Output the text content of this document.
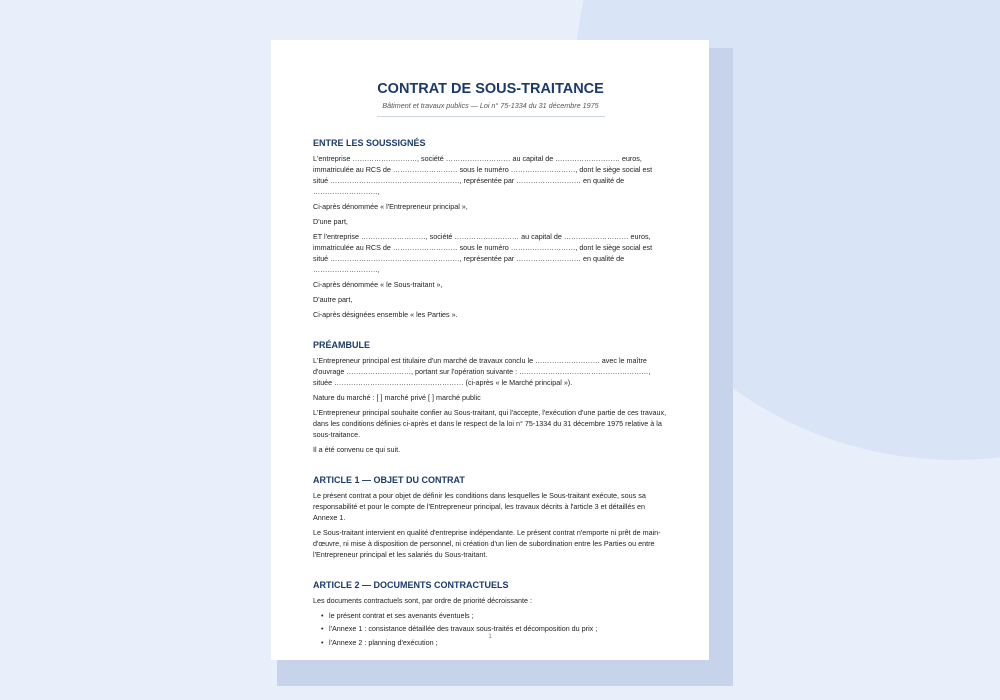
CONTRAT DE SOUS-TRAITANCE
Bâtiment et travaux publics — Loi n° 75-1334 du 31 décembre 1975
ENTRE LES SOUSSIGNÉS

L'entreprise ………………………, société ……………………… au capital de ……………………… euros, immatriculée au RCS de ……………………… sous le numéro ………………………, dont le siège social est situé ………………………………………………, représentée par ……………………… en qualité de ………………………,

Ci-après dénommée « l'Entrepreneur principal »,

D'une part,

ET l'entreprise ………………………, société ……………………… au capital de ……………………… euros, immatriculée au RCS de ……………………… sous le numéro ………………………, dont le siège social est situé ………………………………………………, représentée par ……………………… en qualité de ………………………,

Ci-après dénommée « le Sous-traitant »,

D'autre part,

Ci-après désignées ensemble « les Parties ».

PRÉAMBULE

L'Entrepreneur principal est titulaire d'un marché de travaux conclu le ……………………… avec le maître d'ouvrage ………………………, portant sur l'opération suivante : ………………………………………………, située ……………………………………………… (ci-après « le Marché principal »).

Nature du marché : [ ] marché privé [ ] marché public

L'Entrepreneur principal souhaite confier au Sous-traitant, qui l'accepte, l'exécution d'une partie de ces travaux, dans les conditions définies ci-après et dans le respect de la loi n° 75-1334 du 31 décembre 1975 relative à la sous-traitance.

Il a été convenu ce qui suit.

ARTICLE 1 — OBJET DU CONTRAT

Le présent contrat a pour objet de définir les conditions dans lesquelles le Sous-traitant exécute, sous sa responsabilité et pour le compte de l'Entrepreneur principal, les travaux décrits à l'article 3 et détaillés en Annexe 1.

Le Sous-traitant intervient en qualité d'entreprise indépendante. Le présent contrat n'emporte ni prêt de main-d'œuvre, ni mise à disposition de personnel, ni création d'un lien de subordination entre les Parties ou entre l'Entrepreneur principal et les salariés du Sous-traitant.

ARTICLE 2 — DOCUMENTS CONTRACTUELS

Les documents contractuels sont, par ordre de priorité décroissante :

• le présent contrat et ses avenants éventuels ;
• l'Annexe 1 : consistance détaillée des travaux sous-traités et décomposition du prix ;
• l'Annexe 2 : planning d'exécution ;
1
